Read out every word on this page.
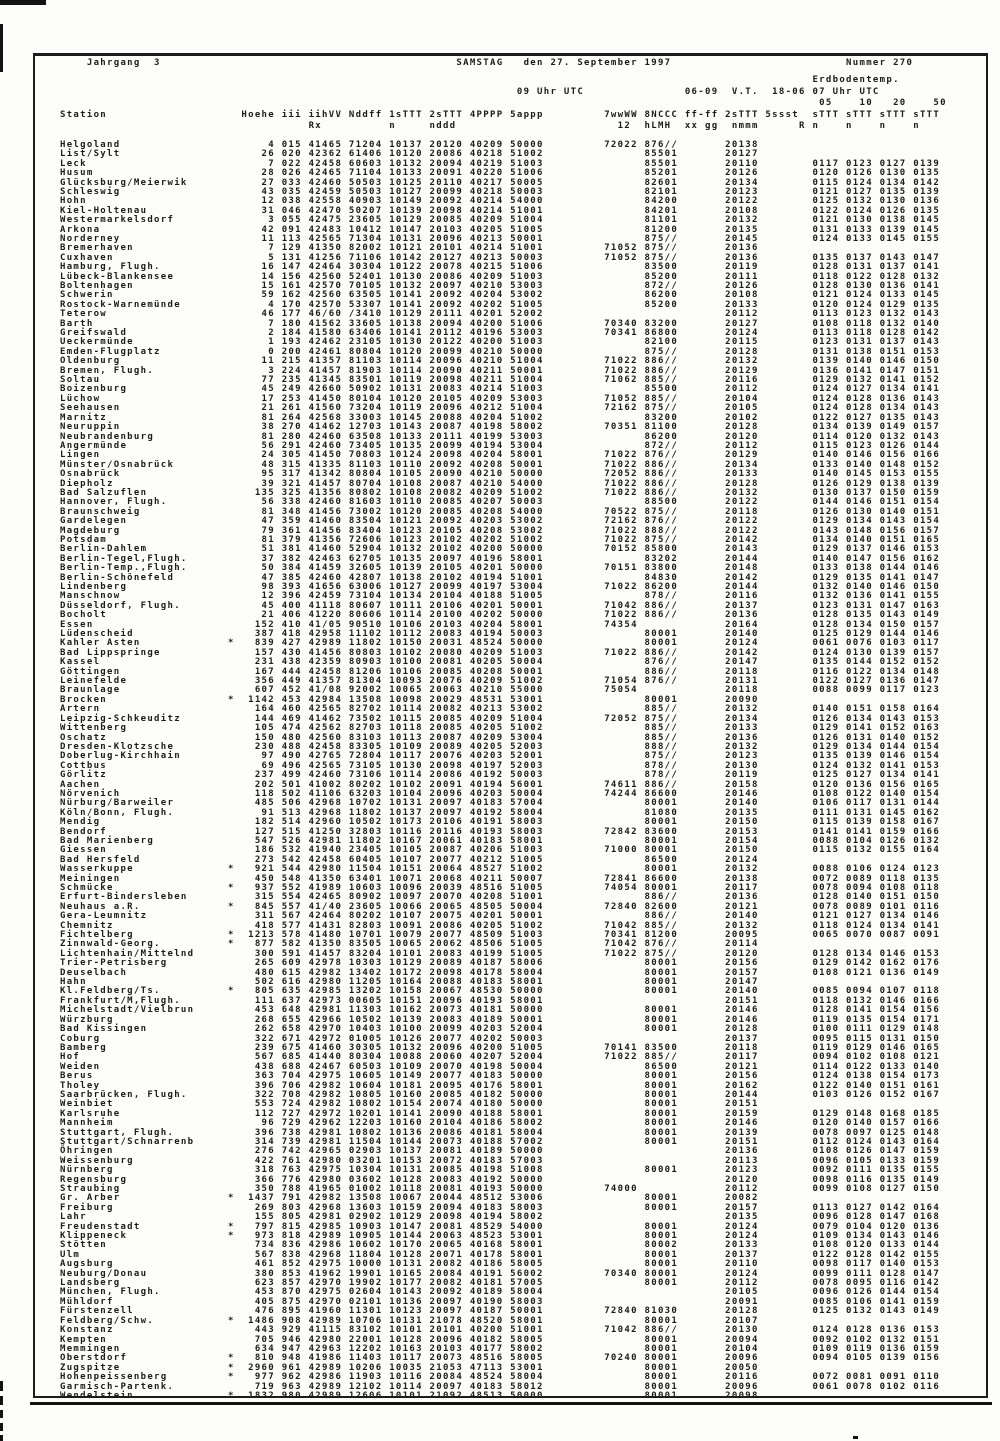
Jahrgang  3                                            SAMSTAG   den 27. September 1997                          Nummer 270
Erdbodentemp.
09 Uhr UTC               06-09  V.T.  18-06 07 Uhr UTC
05    10   20    50
Station                    Hoehe iii iihVV Nddff 1sTTT 2sTTT 4PPPP 5appp         7wwWW 8NCCC ff-ff 2sTTT 5ssst  sTTT sTTT sTTT sTTT
Rx          n     nddd                        12  hLMH  xx gg  nmmm      R n    n    n    n
Helgoland                      4 015 41465 71204 10137 20120 40209 50000         72022 876//       20138
List/Sylt                     26 020 42362 61406 10120 20086 40218 51002               85501       20127
Leck                           7 022 42458 60603 10132 20094 40219 51003               85501       20110        0117 0123 0127 0139
Husum                         28 026 42465 71104 10133 20091 40220 51006               85201       20126        0120 0126 0130 0135
Glücksburg/Meierwik           27 033 42460 50503 10125 20110 40217 50005               82601       20134        0115 0124 0134 0142
Schleswig                     43 035 42459 50503 10127 20099 40218 50003               82101       20123        0121 0127 0135 0139
Hohn                          12 038 42558 40903 10149 20092 40214 54000               84200       20122        0125 0132 0130 0136
Kiel-Holtenau                 31 046 42470 50207 10139 20098 40214 51001               84201       20108        0122 0124 0126 0135
Westermarkelsdorf              3 055 42475 23605 10129 20085 40209 51004               81101       20132        0121 0130 0138 0145
Arkona                        42 091 42483 10412 10147 20103 40205 51005               81200       20135        0131 0133 0139 0145
Norderney                     11 113 42565 71304 10131 20096 40213 50001               875//       20145        0124 0133 0145 0155
Bremerhaven                    7 129 41350 82002 10121 20101 40214 51001         71052 875//       20136
Cuxhaven                       5 131 41256 71106 10142 20127 40213 50003         71052 875//       20136        0135 0137 0143 0147
Hamburg, Flugh.               16 147 42464 30304 10122 20078 40215 51006               83500       20119        0128 0131 0137 0141
Lübeck-Blankensee             14 156 42560 52401 10130 20086 40209 51003               85200       20111        0118 0122 0128 0132
Boltenhagen                   15 161 42570 70105 10132 20097 40210 53003               872//       20126        0128 0130 0136 0141
Schwerin                      59 162 42560 63505 10141 20092 40204 53002               86200       20108        0121 0124 0133 0145
Rostock-Warnemünde             4 170 42570 53307 10141 20092 40202 51005               85200       20133        0120 0124 0129 0135
Teterow                       46 177 46/60 /3410 10129 20111 40201 52002                           20112        0113 0123 0132 0143
Barth                          7 180 41562 33605 10138 20094 40200 51006         70340 83200       20127        0108 0118 0132 0140
Greifswald                     2 184 41580 63406 10141 20112 40196 53003         70341 86800       20124        0113 0118 0128 0142
Ueckermünde                    1 193 42462 23105 10130 20122 40200 51003               82100       20115        0123 0131 0137 0143
Emden-Flugplatz                0 200 42461 80804 10120 20099 40210 50000               875//       20128        0131 0138 0151 0153
Oldenburg                     11 215 41357 81103 10114 20096 40210 51004         71022 886//       20132        0139 0140 0146 0150
Bremen, Flugh.                 3 224 41457 81903 10114 20090 40211 50001         71022 886//       20129        0136 0141 0147 0151
Soltau                        77 235 41345 83501 10119 20098 40211 51004         71062 885//       20116        0129 0132 0141 0152
Boizenburg                    45 249 42660 50902 10131 20083 40214 51003               85500       20112        0124 0127 0134 0141
Lüchow                        17 253 41450 80104 10120 20105 40209 53003         71052 885//       20104        0124 0128 0136 0143
Seehausen                     21 261 41560 73204 10119 20096 40212 51004         72162 875//       20105        0124 0128 0134 0143
Marnitz                       81 264 42568 33003 10145 20088 40204 51002               83200       20102        0122 0127 0135 0143
Neuruppin                     38 270 41462 12703 10143 20087 40198 58002         70351 81100       20128        0134 0139 0149 0157
Neubrandenburg                81 280 42460 63508 10133 20111 40199 53003               86200       20120        0114 0120 0132 0143
Angermünde                    56 291 42460 73405 10135 20099 40194 53004               872//       20112        0115 0123 0126 0144
Lingen                        24 305 41450 70803 10124 20098 40204 58001         71022 876//       20129        0140 0146 0156 0166
Münster/Osnabrück             48 315 41335 81103 10110 20092 40208 50001         71022 886//       20134        0133 0140 0148 0152
Osnabrück                     95 317 41342 80804 10105 20090 40210 50000         72052 886//       20133        0140 0145 0153 0155
Diepholz                      39 321 41457 80704 10108 20087 40210 54000         71022 886//       20128        0126 0129 0138 0139
Bad Salzuflen                135 325 41356 80802 10108 20082 40209 51002         71022 886//       20132        0130 0137 0150 0159
Hannover, Flugh.              56 338 42460 81603 10110 20085 40207 50003               88500       20122        0144 0146 0151 0154
Braunschweig                  81 348 41456 73002 10120 20085 40208 54000         70522 875//       20118        0126 0130 0140 0151
Gardelegen                    47 359 41460 83504 10121 20092 40203 53002         72162 876//       20122        0129 0134 0143 0154
Magdeburg                     79 361 41456 83404 10123 20105 40208 53002         71022 888//       20122        0143 0148 0156 0157
Potsdam                       81 379 41356 72606 10123 20102 40202 51002         71022 875//       20142        0134 0140 0151 0165
Berlin-Dahlem                 51 381 41460 52904 10132 20102 40200 50000         70152 85800       20143        0129 0137 0146 0153
Berlin-Tegel,Flugh.           37 382 42463 62705 10135 20097 40196 58001               83202       20144        0140 0147 0156 0162
Berlin-Temp.,Flugh.           50 384 41459 32605 10139 20105 40201 50000         70151 83800       20148        0133 0138 0144 0146
Berlin-Schönefeld             47 385 42460 42807 10138 20102 40194 51001               84830       20142        0129 0135 0141 0147
Lindenberg                    98 393 41656 63006 10127 20099 40197 53004         71022 86200       20144        0132 0140 0146 0150
Manschnow                     12 396 42459 73104 10134 20104 40188 51005               878//       20116        0132 0136 0141 0155
Düsseldorf, Flugh.            45 400 41118 80607 10111 20106 40201 50001         71042 886//       20137        0123 0131 0147 0163
Bocholt                       21 406 41220 80606 10114 20100 40202 50000         71022 886//       20136        0128 0135 0143 0149
Essen                        152 410 41/05 90510 10106 20103 40204 58001         74354             20164        0128 0134 0150 0157
Lüdenscheid                  387 418 42958 11102 10112 20083 40194 50003               80001       20140        0125 0129 0144 0146
Kahler Asten             *   839 427 42989 11802 10150 20031 48524 50000               80001       20124        0061 0076 0103 0117
Bad Lippspringe              157 430 41456 80803 10102 20080 40209 51003         71022 886//       20142        0124 0130 0139 0157
Kassel                       231 438 42359 80903 10100 20081 40205 50004               876//       20147        0135 0144 0152 0152
Göttingen                    167 444 42458 81206 10106 20085 40208 50001               886//       20118        0116 0122 0134 0148
Leinefelde                   356 449 41357 81304 10093 20076 40209 51002         71054 876//       20131        0122 0127 0136 0147
Braunlage                    607 452 41/08 92002 10065 20063 40210 55000         75054             20118        0088 0099 0117 0123
Brocken                  *  1142 453 42984 13508 10098 20029 48531 53001               80001       20090
Artern                       164 460 42565 82702 10114 20082 40213 53002               885//       20132        0140 0151 0158 0164
Leipzig-Schkeuditz           144 469 41462 73502 10115 20085 40209 51004         72052 875//       20134        0126 0134 0143 0153
Wittenberg                   105 474 42562 82703 10118 20085 40205 51002               885//       20133        0129 0141 0152 0163
Oschatz                      150 480 42560 83103 10113 20087 40209 53004               885//       20136        0126 0131 0140 0152
Dresden-Klotzsche            230 488 42458 83305 10109 20089 40205 52003               888//       20132        0129 0134 0144 0154
Doberlug-Kirchhain            97 490 42765 72804 10117 20076 40203 52001               875//       20123        0135 0139 0146 0154
Cottbus                       69 496 42565 73105 10130 20098 40197 52003               878//       20130        0124 0132 0141 0153
Görlitz                      237 499 42460 73106 10114 20086 40192 50003               878//       20119        0125 0127 0134 0141
Aachen                       202 501 41002 80202 10102 20091 40194 56001         74611 886//       20158        0120 0136 0156 0165
Nörvenich                    118 502 41106 63203 10104 20096 40203 50004         74244 86600       20146        0108 0122 0140 0154
Nürburg/Barweiler            485 506 42968 10702 10131 20097 40183 57004               80001       20140        0106 0117 0131 0144
Köln/Bonn, Flugh.             91 513 42968 11802 10137 20097 40192 58004               81080       20135        0111 0131 0145 0162
Mendig                       182 514 42960 10502 10173 20106 40191 58003               80001       20150        0115 0139 0158 0167
Bendorf                      127 515 41250 32803 10116 20116 40193 58003         72842 83600       20153        0141 0141 0159 0166
Bad Marienberg               547 526 42981 11802 10167 20061 40183 58001               80001       20154        0088 0104 0126 0132
Giessen                      186 532 41940 23405 10105 20087 40206 51003         71000 80001       20150        0115 0132 0155 0164
Bad Hersfeld                 273 542 42458 60405 10107 20077 40212 51005               86500       20124
Wasserkuppe              *   921 544 42980 11504 10151 20064 48527 51002               80001       20132        0088 0106 0124 0123
Meiningen                    450 548 41350 63401 10071 20068 40211 50007         72841 86600       20138        0072 0089 0118 0135
Schmücke                 *   937 552 41989 10603 10096 20039 48516 51005         74054 80001       20117        0078 0094 0108 0118
Erfurt-Bindersleben          315 554 42465 80902 10097 20070 40208 51001               886//       20136        0128 0140 0151 0150
Neuhaus a.R.             *   845 557 41/40 23605 10066 20065 48505 50004         72840 82600       20121        0078 0089 0101 0116
Gera-Leumnitz                311 567 42464 80202 10107 20075 40201 50001               886//       20140        0121 0127 0134 0146
Chemnitz                     418 577 41431 82803 10091 20086 40205 51002         71042 885//       20132        0118 0124 0134 0141
Fichtelberg              *  1213 578 41480 10701 10079 20077 48509 51003         70341 81200       20095        0065 0070 0087 0091
Zinnwald-Georg.          *   877 582 41350 83505 10065 20062 48506 51005         71042 876//       20114
Lichtenhain/Mittelnd         300 591 41457 83204 10101 20083 40199 51005         71022 875//       20120        0128 0134 0146 0153
Trier-Petrisberg             265 609 42978 10303 10129 20089 40187 58006               80001       20156        0129 0142 0162 0176
Deuselbach                   480 615 42982 13402 10172 20098 40178 58004               80001       20157        0108 0121 0136 0149
Hahn                         502 616 42980 11205 10164 20088 40183 58001               80001       20147
Kl.Feldberg/Ts.          *   805 635 42985 13202 10158 20067 48530 50000               80001       20140        0085 0094 0107 0118
Frankfurt/M,Flugh.           111 637 42973 00605 10151 20096 40193 58001                           20151        0118 0132 0146 0166
Michelstadt/Vielbrun         453 648 42981 11303 10162 20073 40181 50000               80001       20146        0128 0141 0154 0156
Würzburg                     268 655 42966 10502 10139 20083 40189 50001               80001       20146        0119 0135 0154 0171
Bad Kissingen                262 658 42970 10403 10100 20099 40203 52004               80001       20128        0100 0111 0129 0148
Coburg                       322 671 42972 01005 10126 20077 40202 50003                           20137        0095 0115 0131 0150
Bamberg                      239 675 41460 30305 10132 20096 40200 51005         70141 83500       20118        0119 0129 0146 0165
Hof                          567 685 41440 80304 10088 20060 40207 52004         71022 885//       20117        0094 0102 0108 0121
Weiden                       438 688 42467 60503 10109 20070 40198 50004               86500       20121        0114 0122 0133 0140
Berus                        363 704 42975 10605 10149 20077 40183 50000               80001       20156        0124 0138 0154 0173
Tholey                       396 706 42982 10604 10181 20095 40176 58001               80001       20162        0122 0140 0151 0161
Saarbrücken, Flugh.          322 708 42982 10805 10160 20085 40182 50000               80001       20144        0103 0126 0152 0167
Weinbiet                     553 724 42982 10802 10154 20074 40180 50000               80001       20151
Karlsruhe                    112 727 42972 10201 10141 20090 40188 58001               80001       20159        0129 0148 0168 0185
Mannheim                      96 729 42962 12203 10160 20104 40186 58002               80001       20146        0120 0140 0157 0166
Stuttgart, Flugh.            396 738 42981 10802 10136 20086 40181 58004               80001       20139        0078 0097 0125 0148
Stuttgart/Schnarrenb         314 739 42981 11504 10144 20073 40188 57002               80001       20151        0112 0124 0143 0164
Öhringen                     276 742 42965 02903 10137 20081 40189 50000                           20136        0108 0126 0147 0159
Weissenburg                  422 761 42980 03201 10153 20072 40183 57003                           20113        0096 0105 0133 0159
Nürnberg                     318 763 42975 10304 10131 20085 40198 51008               80001       20123        0092 0111 0135 0155
Regensburg                   366 776 42980 03602 10128 20083 40192 50000                           20120        0098 0116 0135 0149
Straubing                    350 788 41965 01002 10118 20081 40193 50000         74000             20112        0099 0108 0127 0150
Gr. Arber                *  1437 791 42982 13508 10067 20044 48512 53006               80001       20082
Freiburg                     269 803 42968 13603 10159 20094 40183 58003               80001       20157        0113 0127 0142 0164
Lahr                         155 805 42981 02902 10129 20098 40194 58002                           20135        0096 0128 0147 0168
Freudenstadt             *   797 815 42985 10903 10147 20081 48529 54000               80001       20124        0079 0104 0120 0136
Klippeneck               *   973 818 42989 10905 10144 20063 48523 53001               80001       20124        0109 0134 0143 0146
Stötten                      734 836 42986 10602 10170 20065 40168 58001               80002       20133        0108 0120 0133 0144
Ulm                          567 838 42968 11804 10128 20071 40178 58001               80001       20137        0122 0128 0142 0155
Augsburg                     461 852 42975 10000 10131 20082 40186 58005               80001       20110        0098 0117 0140 0153
Neuburg/Donau                380 853 41962 19901 10165 20084 40191 56002         70340 80001       20124        0099 0111 0128 0147
Landsberg                    623 857 42970 19902 10177 20082 40181 57005               80001       20112        0078 0095 0116 0142
München, Flugh.              453 870 42975 02604 10143 20092 40189 58004                           20105        0096 0126 0144 0154
Mühldorf                     405 875 42970 02101 10136 20097 40190 58003                           20091        0085 0106 0141 0159
Fürstenzell                  476 895 41960 11301 10123 20097 40187 50001         72840 81030       20128        0125 0132 0143 0149
Feldberg/Schw.           *  1486 908 42989 10706 10131 21078 48520 58001               80001       20107
Konstanz                     443 929 41115 83102 10101 20101 40200 51001         71042 886//       20130        0124 0128 0136 0153
Kempten                      705 946 42980 22001 10128 20096 40182 58005               80001       20094        0092 0102 0132 0151
Memmingen                    634 947 42963 12202 10163 20103 40177 58002               80001       20104        0109 0119 0136 0159
Oberstdorf               *   810 948 41986 11403 10117 20073 48516 58005         70240 80001       20096        0094 0105 0139 0156
Zugspitze                *  2960 961 42989 10206 10035 21053 47113 53001               80001       20050
Hohenpeissenberg         *   977 962 42986 11903 10116 20084 48524 58004               80001       20116        0072 0081 0091 0110
Garmisch-Partenk.            719 963 42989 12102 10114 20097 40183 58012               80001       20096        0061 0078 0102 0116
Wendelstein              *  1832 980 42989 12606 10101 21092 48513 50000               80001       20098
